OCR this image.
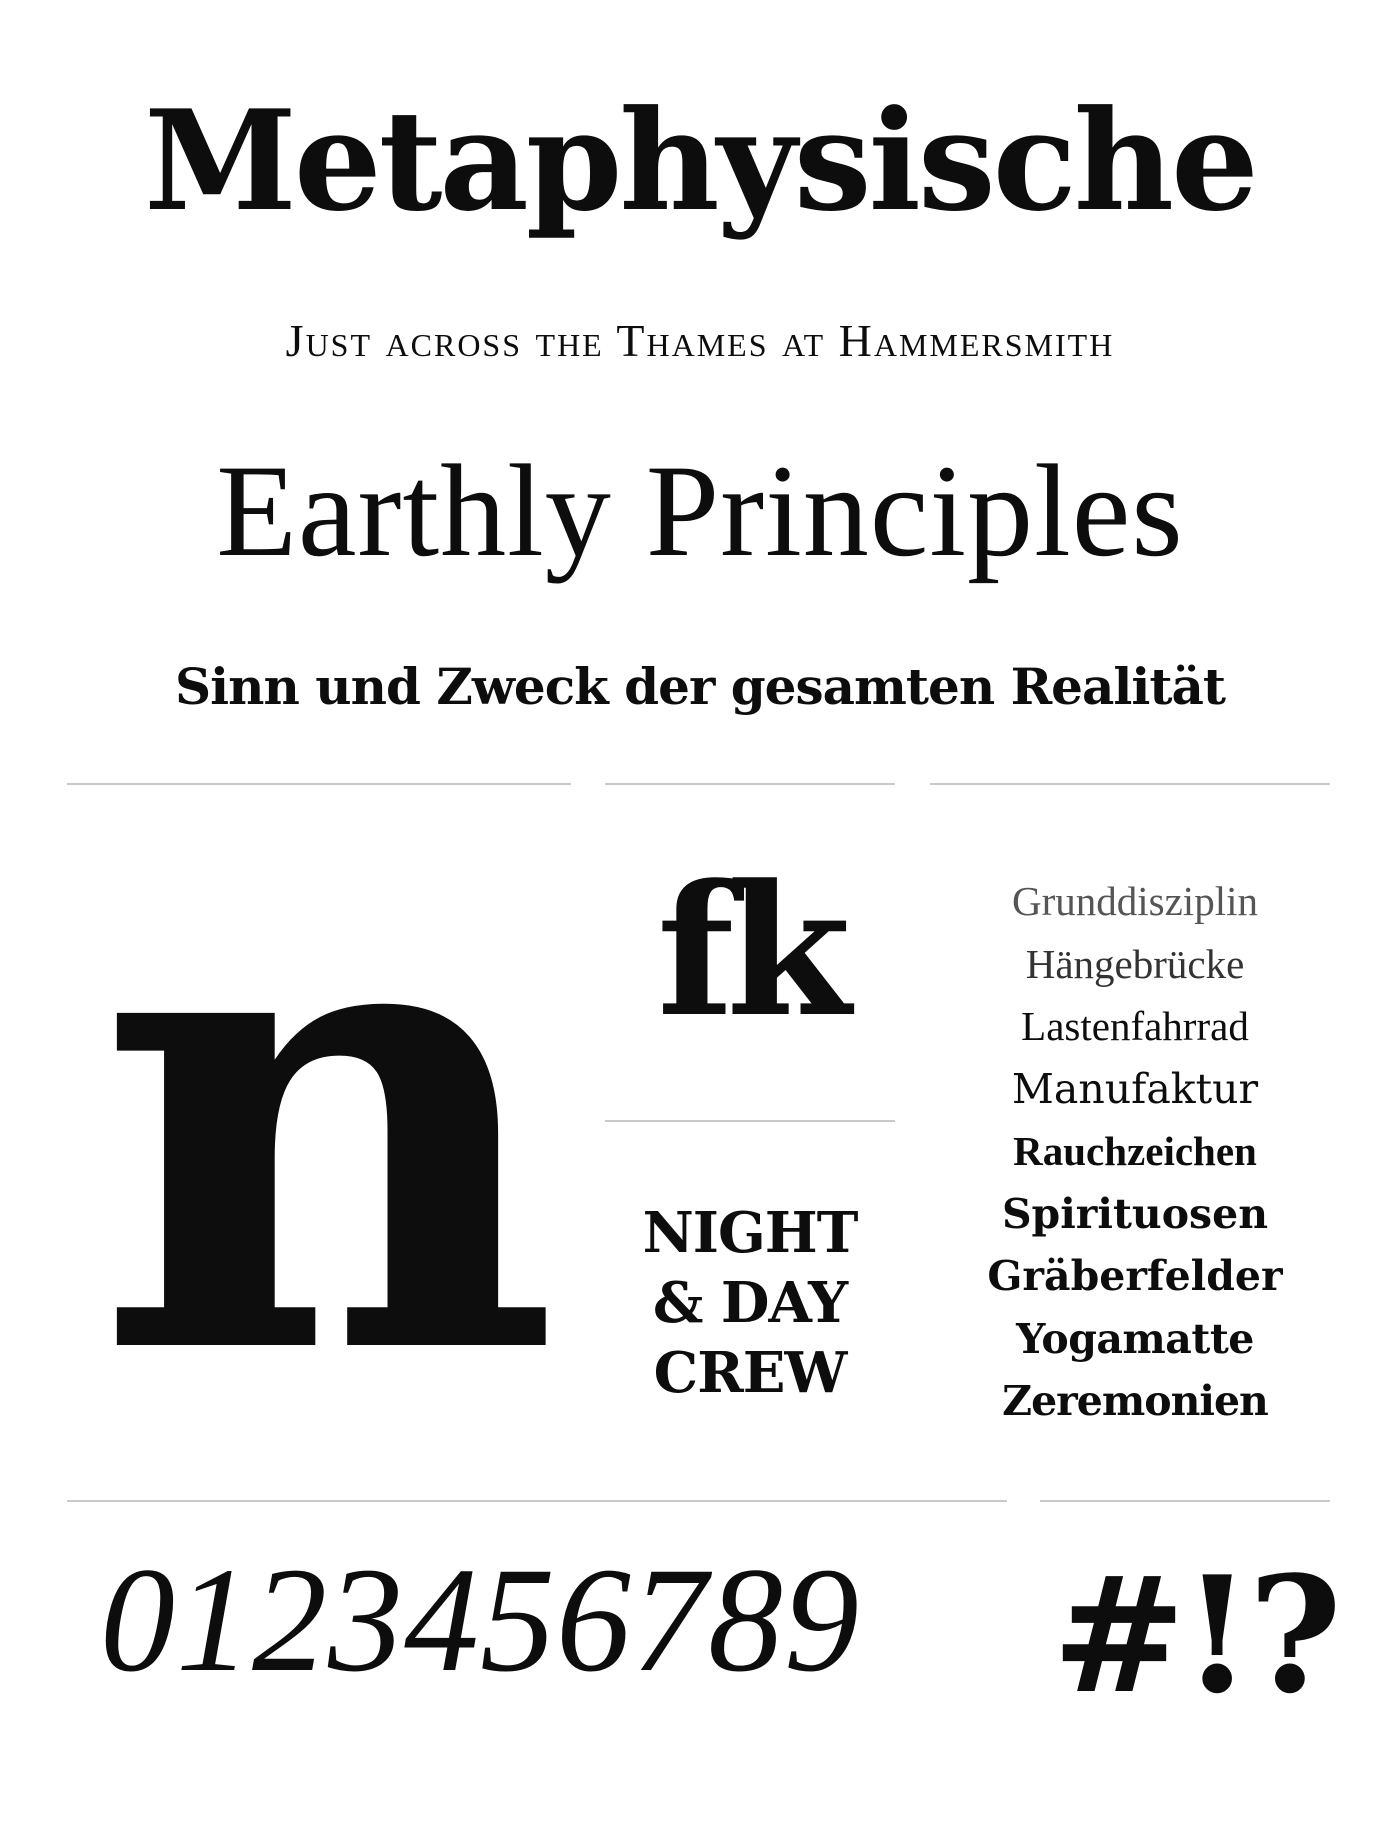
Metaphysische
Just across the Thames at Hammersmith
Earthly Principles
Sinn und Zweck der gesamten Realität
n fk
NIGHT
& DAY
CREW
Grunddisziplin
Hängebrücke
Lastenfahrrad
Manufaktur
Rauchzeichen
Spirituosen
Gräberfelder
Yogamatte
Zeremonien
0123456789	#!?
